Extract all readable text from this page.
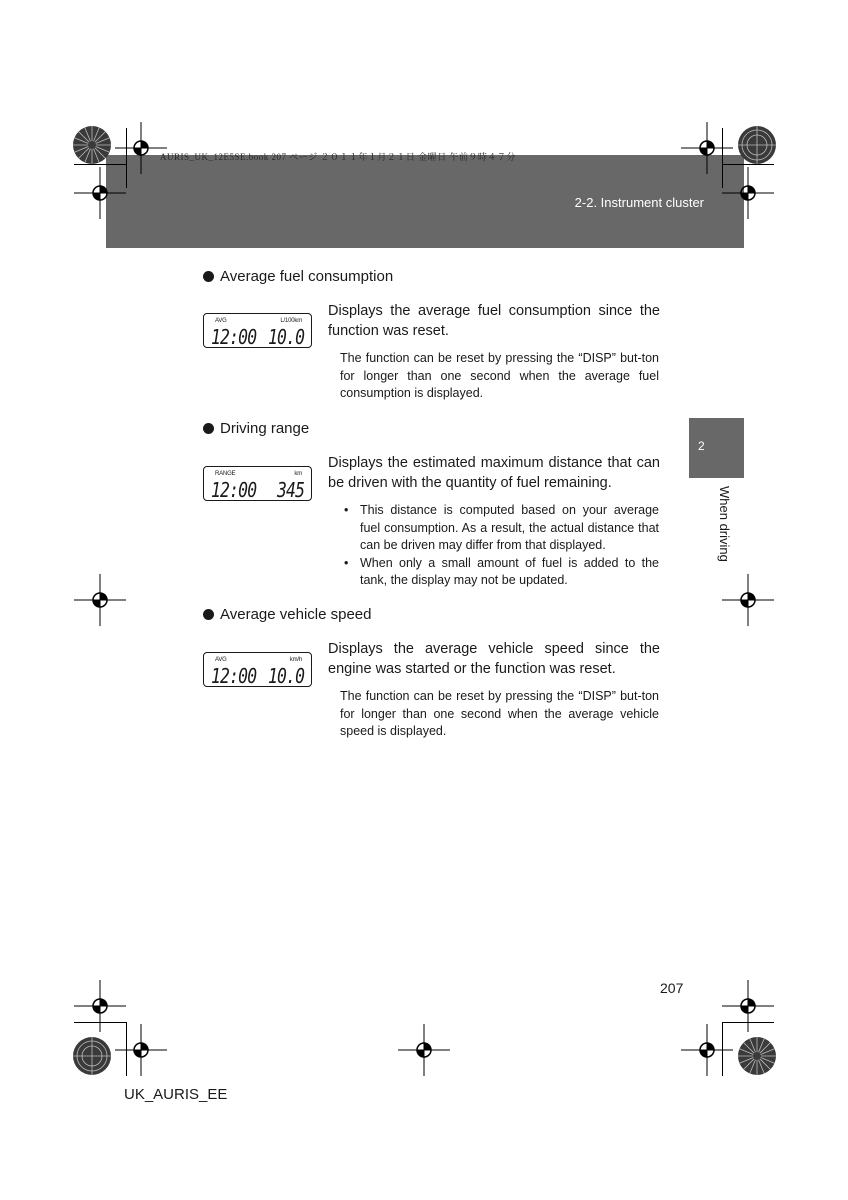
AURIS_UK_12E5SE.book 207 ページ ２０１１年１月２１日 金曜日 午前９時４７分
2-2. Instrument cluster
2
When driving
Average fuel consumption
AVG	L/100km
12:00 10.0
Displays the average fuel consumption since the function was reset.
The function can be reset by pressing the “DISP” but-ton for longer than one second when the average fuel consumption is displayed.
Driving range
RANGE	km
12:00 345
Displays the estimated maximum distance that can be driven with the quantity of fuel remaining.
• This distance is computed based on your average fuel consumption. As a result, the actual distance that can be driven may differ from that displayed.
• When only a small amount of fuel is added to the tank, the display may not be updated.
Average vehicle speed
AVG	km/h
12:00 10.0
Displays the average vehicle speed since the engine was started or the function was reset.
The function can be reset by pressing the “DISP” but-ton for longer than one second when the average vehicle speed is displayed.
207
UK_AURIS_EE
